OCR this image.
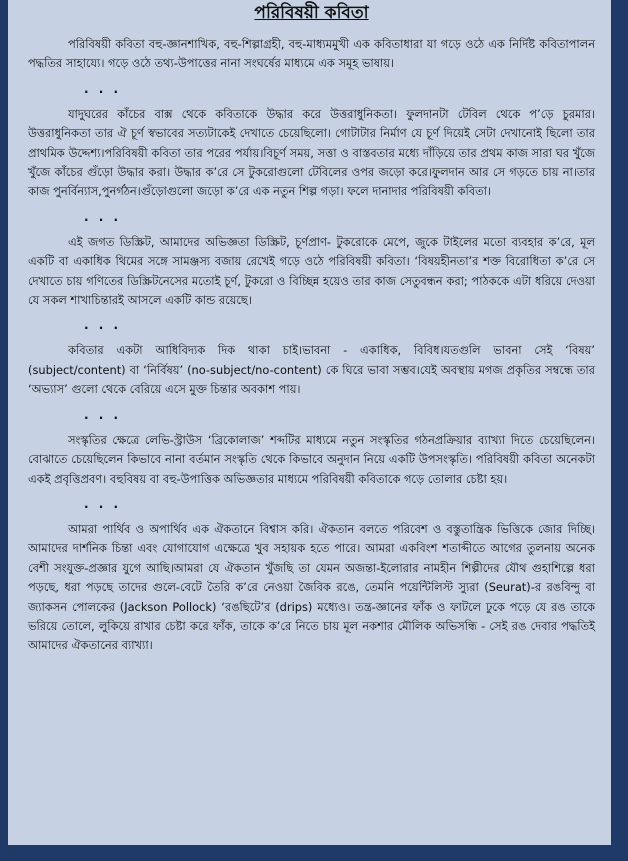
পরিবিষয়ী কবিতা

পরিবিষয়ী কবিতা বহু-জ্ঞানশাখিক, বহু-শিল্পাগ্রহী, বহু-মাধ্যমমুখী এক কবিতাধারা যা গড়ে ওঠে এক নির্দিষ্ট কবিতাপালন পদ্ধতির সাহায্যে। গড়ে ওঠে তথ্য-উপাত্তের নানা সংঘর্ষের মাধ্যমে এক সমূহ ভাষায়।

. . .

যাদুঘরের কাঁচের বাক্স থেকে কবিতাকে উদ্ধার করে উত্তরাধুনিকতা। ফুলদানটা টেবিল থেকে প’ড়ে চুরমার। উত্তরাধুনিকতা তার ঐ চূর্ণ স্বভাবের সত্যটাকেই দেখাতে চেয়েছিলো। গোটাটার নির্মাণ যে চূর্ণ দিয়েই সেটা দেখানোই ছিলো তার প্রাথমিক উদ্দেশ্য।পরিবিষয়ী কবিতা তার পরের পর্যায়।বিচূর্ণ সময়, সত্তা ও বাস্তবতার মধ্যে দাঁড়িয়ে তার প্রথম কাজ সারা ঘর খুঁজে খুঁজে কাঁচের গুঁড়ো উদ্ধার করা। উদ্ধার ক’রে সে টুকরোগুলো টেবিলের ওপর জড়ো করে।ফুলদান আর সে গড়তে চায় না।তার কাজ পুনর্বিন্যাস,পুনর্গঠন।গুঁড়োগুলো জড়ো ক’রে এক নতুন শিল্প গড়া। ফলে দানাদার পরিবিষয়ী কবিতা।

. . .

এই জগত ডিস্ক্রিট, আমাদের অভিজ্ঞতা ডিস্ক্রিট, চূর্ণপ্রাণ- টুকরোকে মেপে, জুকে টাইলের মতো ব্যবহার ক’রে, মূল একটি বা একাধিক থিমের সঙ্গে সামঞ্জস্য বজায় রেখেই গড়ে ওঠে পরিবিষয়ী কবিতা। ‘বিষয়হীনতা’র শক্ত বিরোধিতা ক’রে সে দেখাতে চায় গণিতের ডিস্ক্রিটনেসের মতোই চূর্ণ, টুকরো ও বিচ্ছিন্ন হয়েও তার কাজ সেতুবন্ধন করা; পাঠককে এটা ধরিয়ে দেওয়া যে সকল শাখাচিন্তারই আসলে একটি কান্ড রয়েছে।

. . .

কবিতার একটা আধিবিদ্যক দিক থাকা চাই।ভাবনা - একাধিক, বিবিধ।যতগুলি ভাবনা সেই ‘বিষয়’ (subject/content) বা ‘নির্বিষয়’ (no-subject/no-content) কে ঘিরে ভাবা সম্ভব।যেই অবস্থায় মগজ প্রকৃতির সম্বন্ধে তার ‘অভ্যাস’ গুলো থেকে বেরিয়ে এসে মুক্ত চিন্তার অবকাশ পায়।

. . .

সংস্কৃতির ক্ষেত্রে লেভি-স্ট্রাউস ‘ব্রিকোলাজ’ শব্দটির মাধ্যমে নতুন সংস্কৃতির গঠনপ্রক্রিয়ার ব্যাখ্যা দিতে চেয়েছিলেন।বোঝাতে চেয়েছিলেন কিভাবে নানা বর্তমান সংস্কৃতি থেকে কিভাবে অনুদান নিয়ে একটি উপসংস্কৃতি। পরিবিষয়ী কবিতা অনেকটা একই প্রবৃত্তিপ্রবণ। বহুবিষয় বা বহু-উপাত্তিক অভিজ্ঞতার মাধ্যমে পরিবিষয়ী কবিতাকে গড়ে তোলার চেষ্টা হয়।

. . .

আমরা পার্থিব ও অপার্থিব এক ঐকতানে বিশ্বাস করি। ঐকতান বলতে পরিবেশ ও বস্তুতান্ত্রিক ভিত্তিকে জোর দিচ্ছি। আমাদের দার্শনিক চিন্তা এবং যোগাযোগ এক্ষেত্রে খুব সহায়ক হতে পারে। আমরা একবিংশ শতাব্দীতে আগের তুলনায় অনেক বেশী সংযুক্ত-প্রজ্ঞার যুগে আছি।আমরা যে ঐকতান খুঁজছি তা যেমন অজন্তা-ইলোরার নামহীন শিল্পীদের যৌথ গুহাশিল্পে ধরা পড়ছে, ধরা পড়ছে তাদের গুলে-বেটে তৈরি ক’রে নেওয়া জৈবিক রঙে, তেমনি পয়েন্টিলিস্ট স্যুরা (Seurat)-র রঙবিন্দু বা জ্যাকসন পোলকের (Jackson Pollock) ‘রঙছিটে’র (drips) মধ্যেও। তন্ত্র-জ্ঞানের ফাঁক ও ফাটলে ঢুকে পড়ে যে রঙ তাকে ভরিয়ে তোলে, লুকিয়ে রাখার চেষ্টা করে ফাঁক, তাকে ক’রে নিতে চায় মূল নকশার মৌলিক অভিসন্ধি - সেই রঙ দেবার পদ্ধতিই আমাদের ঐকতানের ব্যাখ্যা।
